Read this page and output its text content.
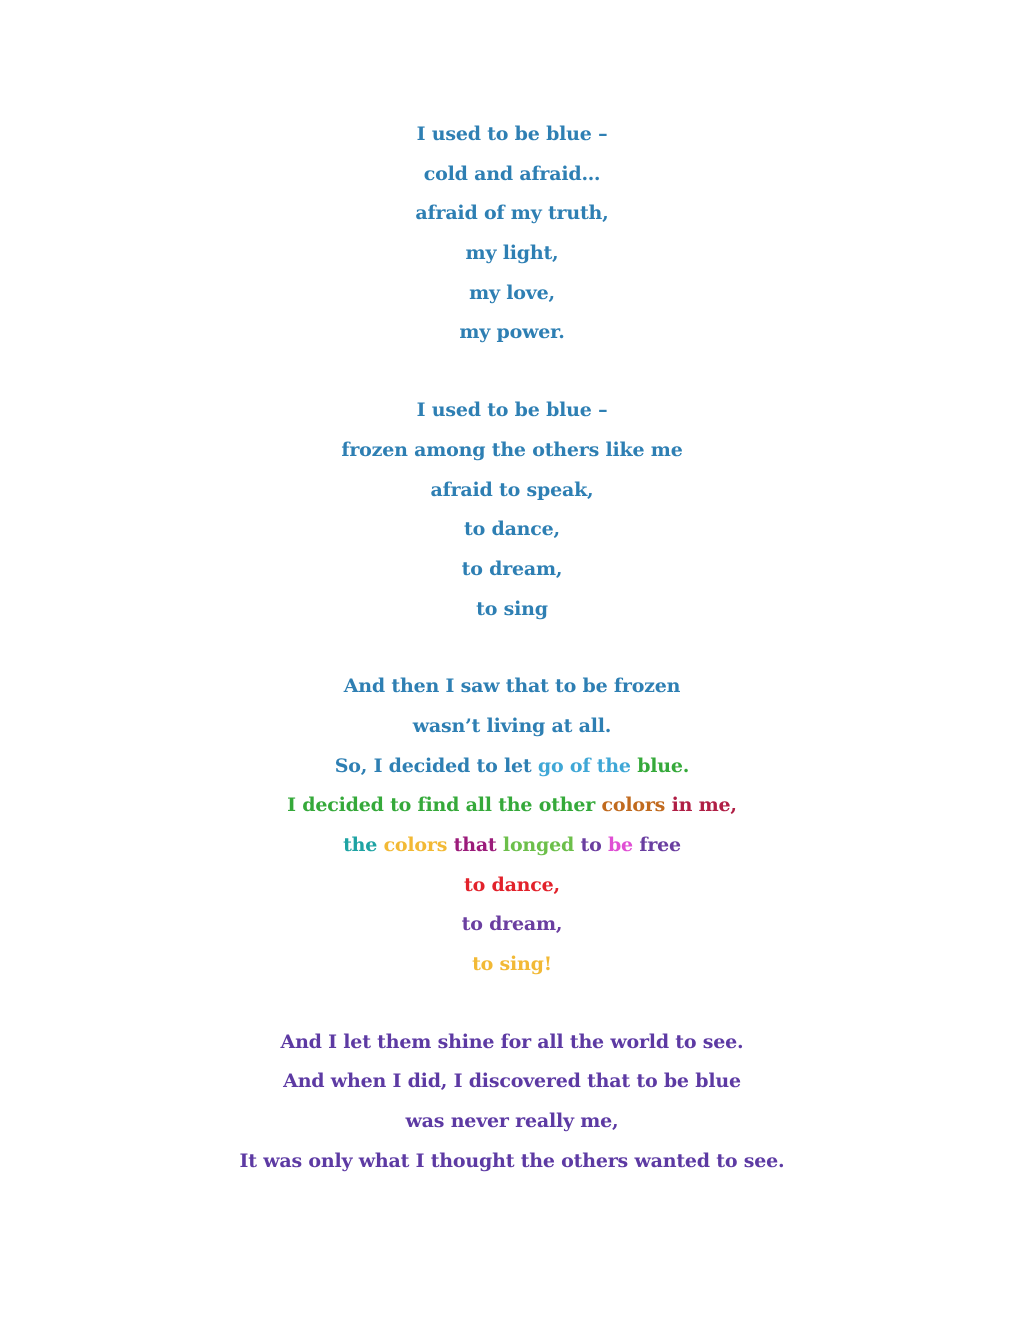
I used to be blue –
cold and afraid…
afraid of my truth,
my light,
my love,
my power.
I used to be blue –
frozen among the others like me
afraid to speak,
to dance,
to dream,
to sing
And then I saw that to be frozen
wasn’t living at all.
So, I decided to let go of the blue.
I decided to find all the other colors in me,
the colors that longed to be free
to dance,
to dream,
to sing!
And I let them shine for all the world to see.
And when I did, I discovered that to be blue
was never really me,
It was only what I thought the others wanted to see.
